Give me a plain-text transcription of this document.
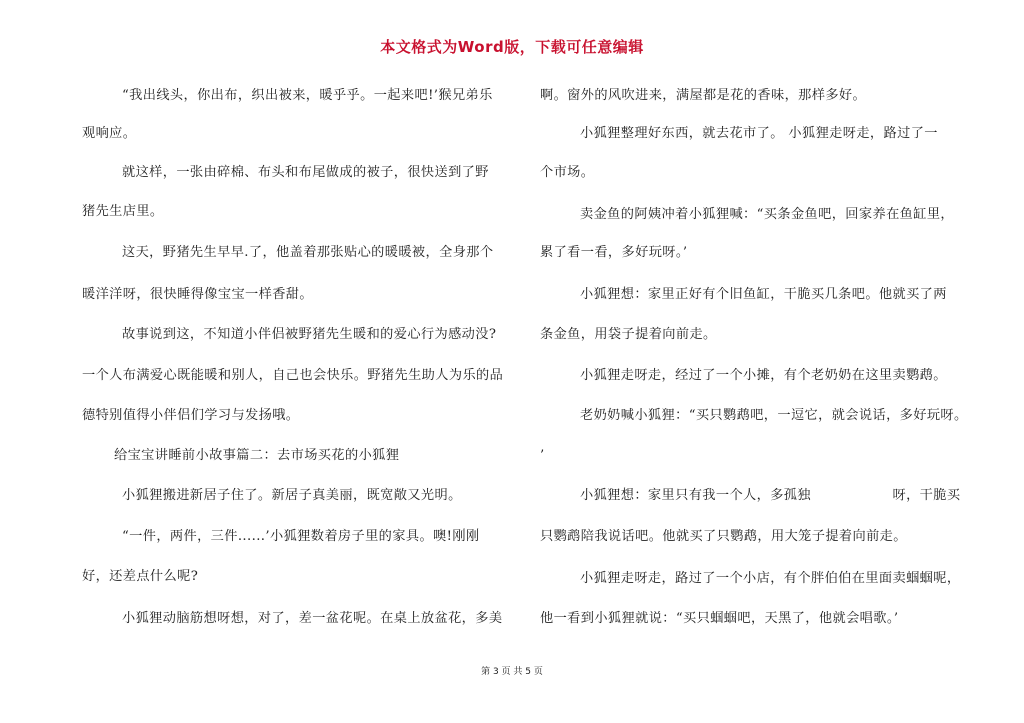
本文格式为Word版，下载可任意编辑
“我出线头，你出布，织出被来，暖乎乎。一起来吧!’猴兄弟乐
观响应。
就这样，一张由碎棉、布头和布尾做成的被子，很快送到了野
猪先生店里。
这天，野猪先生早早.了，他盖着那张贴心的暖暖被，全身那个
暖洋洋呀，很快睡得像宝宝一样香甜。
故事说到这，不知道小伴侣被野猪先生暖和的爱心行为感动没?
一个人布满爱心既能暖和别人，自己也会快乐。野猪先生助人为乐的品
德特别值得小伴侣们学习与发扬哦。
给宝宝讲睡前小故事篇二：去市场买花的小狐狸
小狐狸搬进新居子住了。新居子真美丽，既宽敞又光明。
“一件，两件，三件......’小狐狸数着房子里的家具。噢!刚刚
好，还差点什么呢?
小狐狸动脑筋想呀想，对了，差一盆花呢。在桌上放盆花，多美
啊。窗外的风吹进来，满屋都是花的香味，那样多好。
小狐狸整理好东西，就去花市了。 小狐狸走呀走，路过了一
个市场。
卖金鱼的阿姨冲着小狐狸喊：“买条金鱼吧，回家养在鱼缸里，
累了看一看，多好玩呀。’
小狐狸想：家里正好有个旧鱼缸，干脆买几条吧。他就买了两
条金鱼，用袋子提着向前走。
小狐狸走呀走，经过了一个小摊，有个老奶奶在这里卖鹦鹉。
老奶奶喊小狐狸：“买只鹦鹉吧，一逗它，就会说话，多好玩呀。
’
小狐狸想：家里只有我一个人，多孤独　　　　　　呀，干脆买
只鹦鹉陪我说话吧。他就买了只鹦鹉，用大笼子提着向前走。
小狐狸走呀走，路过了一个小店，有个胖伯伯在里面卖蝈蝈呢，
他一看到小狐狸就说：“买只蝈蝈吧，天黑了，他就会唱歌。’
第 3 页 共 5 页
